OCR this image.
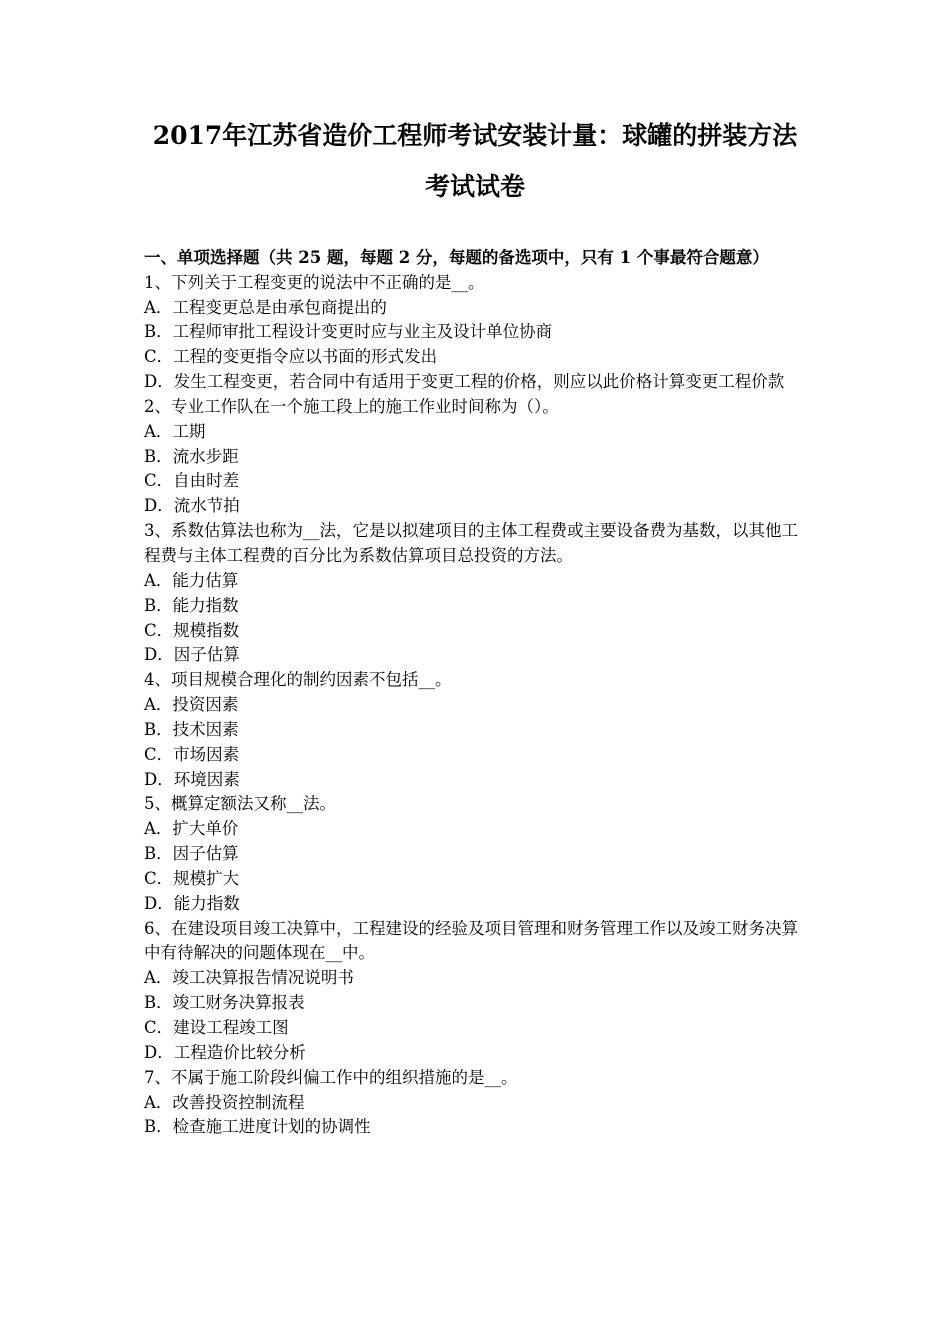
2017年江苏省造价工程师考试安装计量：球罐的拼装方法
考试试卷
一、单项选择题（共 25 题，每题 2 分，每题的备选项中，只有 1 个事最符合题意）
1、下列关于工程变更的说法中不正确的是__。
A．工程变更总是由承包商提出的
B．工程师审批工程设计变更时应与业主及设计单位协商
C．工程的变更指令应以书面的形式发出
D．发生工程变更，若合同中有适用于变更工程的价格，则应以此价格计算变更工程价款
2、专业工作队在一个施工段上的施工作业时间称为（）。
A．工期
B．流水步距
C．自由时差
D．流水节拍
3、系数估算法也称为__法，它是以拟建项目的主体工程费或主要设备费为基数，以其他工程费与主体工程费的百分比为系数估算项目总投资的方法。
A．能力估算
B．能力指数
C．规模指数
D．因子估算
4、项目规模合理化的制约因素不包括__。
A．投资因素
B．技术因素
C．市场因素
D．环境因素
5、概算定额法又称__法。
A．扩大单价
B．因子估算
C．规模扩大
D．能力指数
6、在建设项目竣工决算中，工程建设的经验及项目管理和财务管理工作以及竣工财务决算中有待解决的问题体现在__中。
A．竣工决算报告情况说明书
B．竣工财务决算报表
C．建设工程竣工图
D．工程造价比较分析
7、不属于施工阶段纠偏工作中的组织措施的是__。
A．改善投资控制流程
B．检查施工进度计划的协调性
